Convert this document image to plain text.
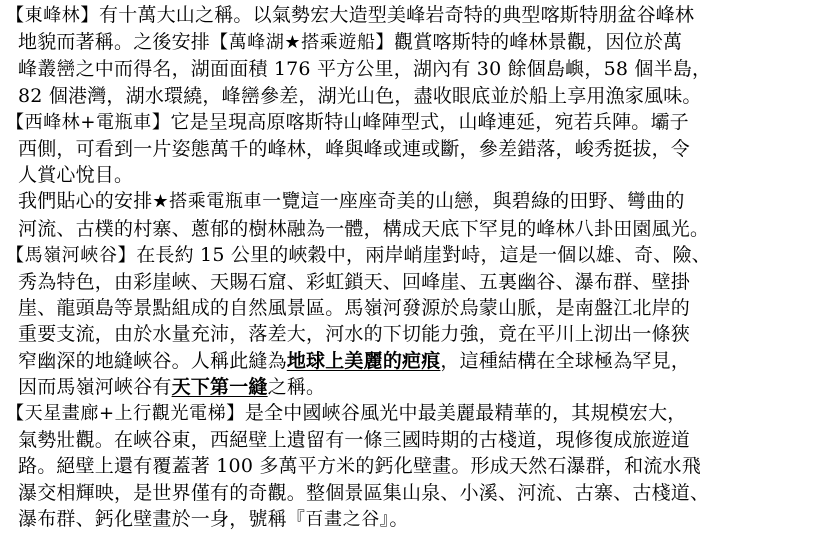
【東峰林】有十萬大山之稱。以氣勢宏大造型美峰岩奇特的典型喀斯特朋盆谷峰林
地貌而著稱。之後安排【萬峰湖★搭乘遊船】觀賞喀斯特的峰林景觀，因位於萬
峰叢巒之中而得名，湖面面積 176 平方公里，湖內有 30 餘個島嶼，58 個半島，
82 個港灣，湖水環繞，峰巒參差，湖光山色，盡收眼底並於船上享用漁家風味。
【西峰林+電瓶車】它是呈現高原喀斯特山峰陣型式，山峰連延，宛若兵陣。壩子
西側，可看到一片姿態萬千的峰林，峰與峰或連或斷，參差錯落，峻秀挺拔，令
人賞心悅目。
我們貼心的安排★搭乘電瓶車一覽這一座座奇美的山戀，與碧綠的田野、彎曲的
河流、古樸的村寨、蔥郁的樹林融為一體，構成天底下罕見的峰林八卦田園風光。
【馬嶺河峽谷】在長約 15 公里的峽穀中，兩岸峭崖對峙，這是一個以雄、奇、險、
秀為特色，由彩崖峽、天賜石窟、彩虹鎖天、回峰崖、五裏幽谷、瀑布群、壁掛
崖、龍頭島等景點組成的自然風景區。馬嶺河發源於烏蒙山脈，是南盤江北岸的
重要支流，由於水量充沛，落差大，河水的下切能力強，竟在平川上沏出一條狹
窄幽深的地縫峽谷。人稱此縫為地球上美麗的疤痕，這種結構在全球極為罕見，
因而馬嶺河峽谷有天下第一縫之稱。
【天星畫廊+上行觀光電梯】是全中國峽谷風光中最美麗最精華的，其規模宏大，
氣勢壯觀。在峽谷東，西絕壁上遺留有一條三國時期的古棧道，現修復成旅遊道
路。絕壁上還有覆蓋著 100 多萬平方米的鈣化壁畫。形成天然石瀑群，和流水飛
瀑交相輝映，是世界僅有的奇觀。整個景區集山泉、小溪、河流、古寨、古棧道、
瀑布群、鈣化壁畫於一身，號稱『百畫之谷』。
